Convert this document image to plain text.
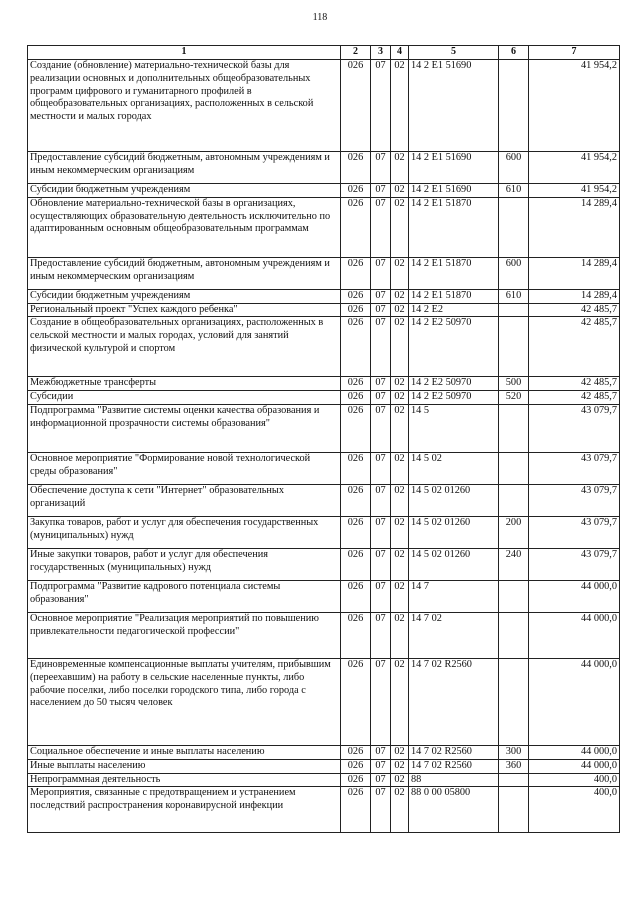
118
1	2	3	4	5	6	7
Создание (обновление) материально-технической базы для реализации основных и дополнительных общеобразовательных программ цифрового и гуманитарного профилей в общеобразовательных организациях, расположенных в сельской местности и малых городах	026	07	02	14 2 E1 51690		41 954,2
Предоставление субсидий бюджетным, автономным учреждениям и иным некоммерческим организациям	026	07	02	14 2 E1 51690	600	41 954,2
Субсидии бюджетным учреждениям	026	07	02	14 2 E1 51690	610	41 954,2
Обновление материально-технической базы в организациях, осуществляющих образовательную деятельность исключительно по адаптированным основным общеобразовательным программам	026	07	02	14 2 E1 51870		14 289,4
Предоставление субсидий бюджетным, автономным учреждениям и иным некоммерческим организациям	026	07	02	14 2 E1 51870	600	14 289,4
Субсидии бюджетным учреждениям	026	07	02	14 2 E1 51870	610	14 289,4
Региональный проект "Успех каждого ребенка"	026	07	02	14 2 E2		42 485,7
Создание в общеобразовательных организациях, расположенных в сельской местности и малых городах, условий для занятий физической культурой и спортом	026	07	02	14 2 E2 50970		42 485,7
Межбюджетные трансферты	026	07	02	14 2 E2 50970	500	42 485,7
Субсидии	026	07	02	14 2 E2 50970	520	42 485,7
Подпрограмма "Развитие системы оценки качества образования и информационной прозрачности системы образования"	026	07	02	14 5		43 079,7
Основное мероприятие "Формирование новой технологической среды образования"	026	07	02	14 5 02		43 079,7
Обеспечение доступа к сети "Интернет" образовательных организаций	026	07	02	14 5 02 01260		43 079,7
Закупка товаров, работ и услуг для обеспечения государственных (муниципальных) нужд	026	07	02	14 5 02 01260	200	43 079,7
Иные закупки товаров, работ и услуг для обеспечения государственных (муниципальных) нужд	026	07	02	14 5 02 01260	240	43 079,7
Подпрограмма "Развитие кадрового потенциала системы образования"	026	07	02	14 7		44 000,0
Основное мероприятие "Реализация мероприятий по повышению привлекательности педагогической профессии"	026	07	02	14 7 02		44 000,0
Единовременные компенсационные выплаты учителям, прибывшим (переехавшим) на работу в сельские населенные пункты, либо рабочие поселки, либо поселки городского типа, либо города с населением до 50 тысяч человек	026	07	02	14 7 02 R2560		44 000,0
Социальное обеспечение и иные выплаты населению	026	07	02	14 7 02 R2560	300	44 000,0
Иные выплаты населению	026	07	02	14 7 02 R2560	360	44 000,0
Непрограммная деятельность	026	07	02	88		400,0
Мероприятия, связанные с предотвращением и устранением последствий распространения коронавирусной инфекции	026	07	02	88 0 00 05800		400,0
